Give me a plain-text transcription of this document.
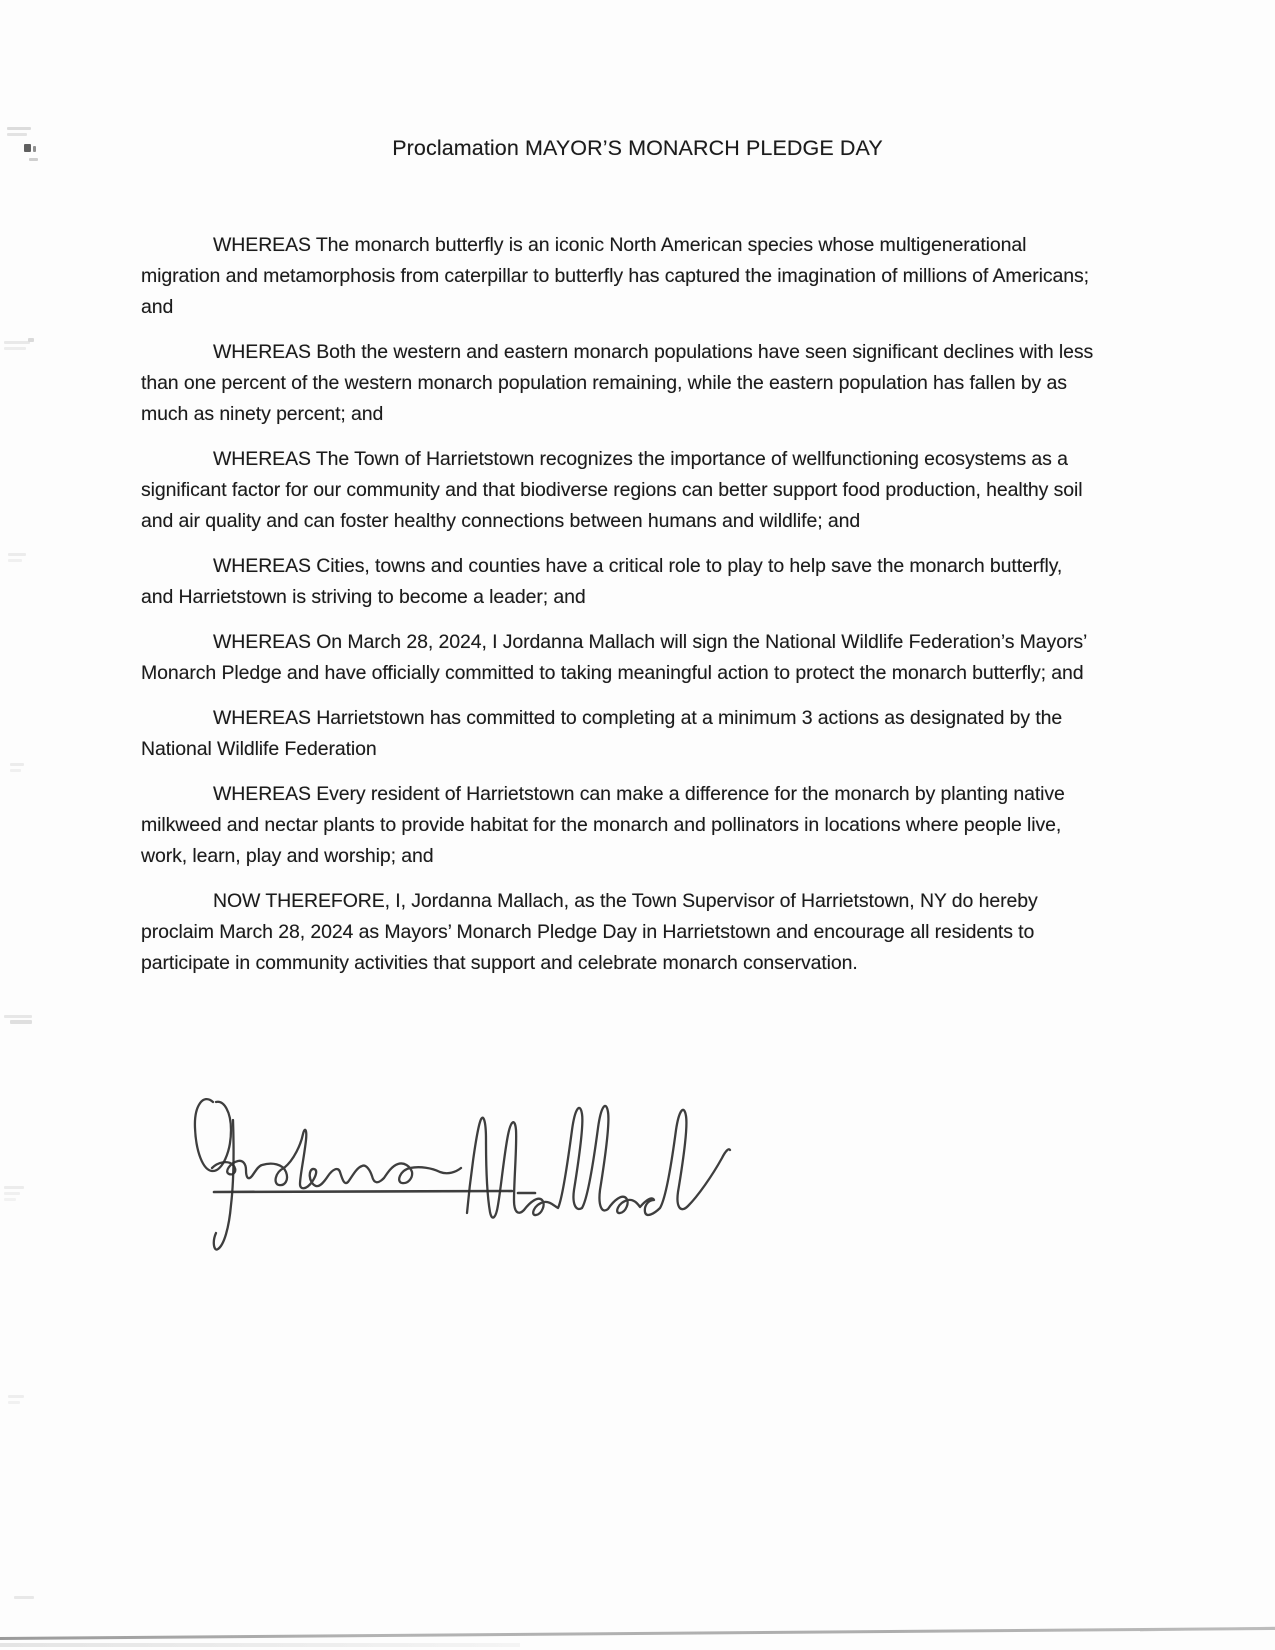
Proclamation MAYOR’S MONARCH PLEDGE DAY

WHEREAS The monarch butterfly is an iconic North American species whose multigenerational migration and metamorphosis from caterpillar to butterfly has captured the imagination of millions of Americans; and

WHEREAS Both the western and eastern monarch populations have seen significant declines with less than one percent of the western monarch population remaining, while the eastern population has fallen by as much as ninety percent; and

WHEREAS The Town of Harrietstown recognizes the importance of wellfunctioning ecosystems as a significant factor for our community and that biodiverse regions can better support food production, healthy soil and air quality and can foster healthy connections between humans and wildlife; and

WHEREAS Cities, towns and counties have a critical role to play to help save the monarch butterfly, and Harrietstown is striving to become a leader; and

WHEREAS On March 28, 2024, I Jordanna Mallach will sign the National Wildlife Federation’s Mayors’ Monarch Pledge and have officially committed to taking meaningful action to protect the monarch butterfly; and

WHEREAS Harrietstown has committed to completing at a minimum 3 actions as designated by the National Wildlife Federation

WHEREAS Every resident of Harrietstown can make a difference for the monarch by planting native milkweed and nectar plants to provide habitat for the monarch and pollinators in locations where people live, work, learn, play and worship; and

NOW THEREFORE, I, Jordanna Mallach, as the Town Supervisor of Harrietstown, NY do hereby proclaim March 28, 2024 as Mayors’ Monarch Pledge Day in Harrietstown and encourage all residents to participate in community activities that support and celebrate monarch conservation.
